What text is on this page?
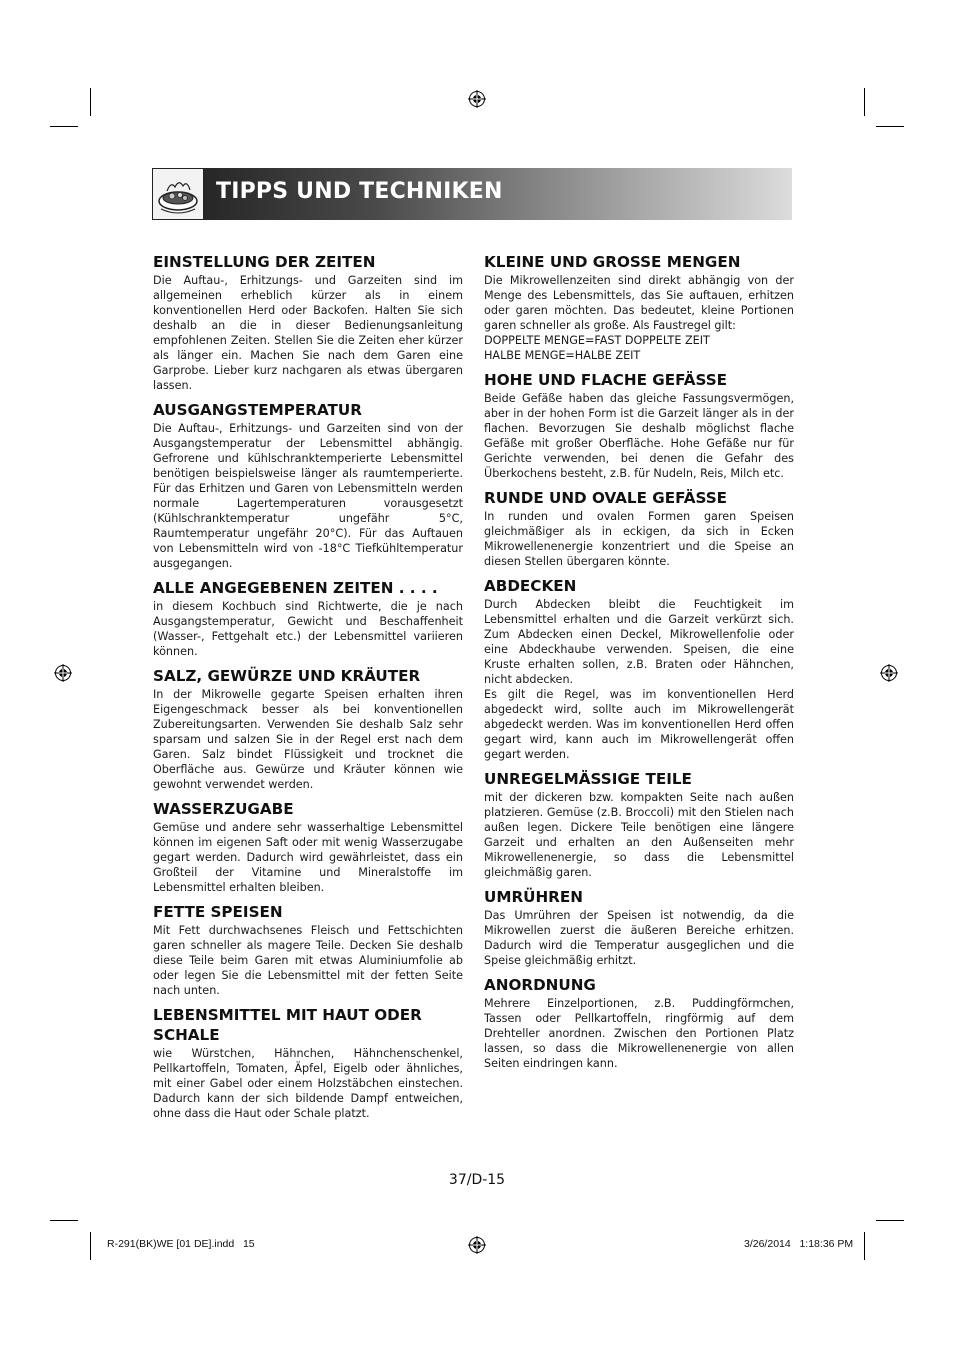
TIPPS UND TECHNIKEN
EINSTELLUNG DER ZEITEN

Die Auftau-, Erhitzungs- und Garzeiten sind im allgemeinen erheblich kürzer als in einem konventionellen Herd oder Backofen. Halten Sie sich deshalb an die in dieser Bedienungsanleitung empfohlenen Zeiten. Stellen Sie die Zeiten eher kürzer als länger ein. Machen Sie nach dem Garen eine Garprobe. Lieber kurz nachgaren als etwas übergaren lassen.

AUSGANGSTEMPERATUR

Die Auftau-, Erhitzungs- und Garzeiten sind von der Ausgangstemperatur der Lebensmittel abhängig. Gefrorene und kühlschranktemperierte Lebensmittel benötigen beispielsweise länger als raumtemperierte. Für das Erhitzen und Garen von Lebensmitteln werden normale Lagertemperaturen vorausgesetzt (Kühlschranktemperatur ungefähr 5°C, Raumtemperatur ungefähr 20°C). Für das Auftauen von Lebensmitteln wird von -18°C Tiefkühltemperatur ausgegangen.

ALLE ANGEGEBENEN ZEITEN . . . .

in diesem Kochbuch sind Richtwerte, die je nach Ausgangstemperatur, Gewicht und Beschaffenheit (Wasser-, Fettgehalt etc.) der Lebensmittel variieren können.

SALZ, GEWÜRZE UND KRÄUTER

In der Mikrowelle gegarte Speisen erhalten ihren Eigengeschmack besser als bei konventionellen Zubereitungsarten. Verwenden Sie deshalb Salz sehr sparsam und salzen Sie in der Regel erst nach dem Garen. Salz bindet Flüssigkeit und trocknet die Oberfläche aus. Gewürze und Kräuter können wie gewohnt verwendet werden.

WASSERZUGABE

Gemüse und andere sehr wasserhaltige Lebensmittel können im eigenen Saft oder mit wenig Wasserzugabe gegart werden. Dadurch wird gewährleistet, dass ein Großteil der Vitamine und Mineralstoffe im Lebensmittel erhalten bleiben.

FETTE SPEISEN

Mit Fett durchwachsenes Fleisch und Fettschichten garen schneller als magere Teile. Decken Sie deshalb diese Teile beim Garen mit etwas Aluminiumfolie ab oder legen Sie die Lebensmittel mit der fetten Seite nach unten.

LEBENSMITTEL MIT HAUT ODER SCHALE

wie Würstchen, Hähnchen, Hähnchenschenkel, Pellkartoffeln, Tomaten, Äpfel, Eigelb oder ähnliches, mit einer Gabel oder einem Holzstäbchen einstechen. Dadurch kann der sich bildende Dampf entweichen, ohne dass die Haut oder Schale platzt.

KLEINE UND GROSSE MENGEN

Die Mikrowellenzeiten sind direkt abhängig von der Menge des Lebensmittels, das Sie auftauen, erhitzen oder garen möchten. Das bedeutet, kleine Portionen garen schneller als große. Als Faustregel gilt:

DOPPELTE MENGE=FAST DOPPELTE ZEIT
HALBE MENGE=HALBE ZEIT
HOHE UND FLACHE GEFÄSSE

Beide Gefäße haben das gleiche Fassungsvermögen, aber in der hohen Form ist die Garzeit länger als in der flachen. Bevorzugen Sie deshalb möglichst flache Gefäße mit großer Oberfläche. Hohe Gefäße nur für Gerichte verwenden, bei denen die Gefahr des Überkochens besteht, z.B. für Nudeln, Reis, Milch etc.

RUNDE UND OVALE GEFÄSSE

In runden und ovalen Formen garen Speisen gleichmäßiger als in eckigen, da sich in Ecken Mikrowellenenergie konzentriert und die Speise an diesen Stellen übergaren könnte.

ABDECKEN

Durch Abdecken bleibt die Feuchtigkeit im Lebensmittel erhalten und die Garzeit verkürzt sich. Zum Abdecken einen Deckel, Mikrowellenfolie oder eine Abdeckhaube verwenden. Speisen, die eine Kruste erhalten sollen, z.B. Braten oder Hähnchen, nicht abdecken.

Es gilt die Regel, was im konventionellen Herd abgedeckt wird, sollte auch im Mikrowellengerät abgedeckt werden. Was im konventionellen Herd offen gegart wird, kann auch im Mikrowellengerät offen gegart werden.

UNREGELMÄSSIGE TEILE

mit der dickeren bzw. kompakten Seite nach außen platzieren. Gemüse (z.B. Broccoli) mit den Stielen nach außen legen. Dickere Teile benötigen eine längere Garzeit und erhalten an den Außenseiten mehr Mikrowellenenergie, so dass die Lebensmittel gleichmäßig garen.

UMRÜHREN

Das Umrühren der Speisen ist notwendig, da die Mikrowellen zuerst die äußeren Bereiche erhitzen. Dadurch wird die Temperatur ausgeglichen und die Speise gleichmäßig erhitzt.

ANORDNUNG

Mehrere Einzelportionen, z.B. Puddingförmchen, Tassen oder Pellkartoffeln, ringförmig auf dem Drehteller anordnen. Zwischen den Portionen Platz lassen, so dass die Mikrowellenenergie von allen Seiten eindringen kann.

37/D-15
R-291(BK)WE [01 DE].indd   15	3/26/2014   1:18:36 PM
